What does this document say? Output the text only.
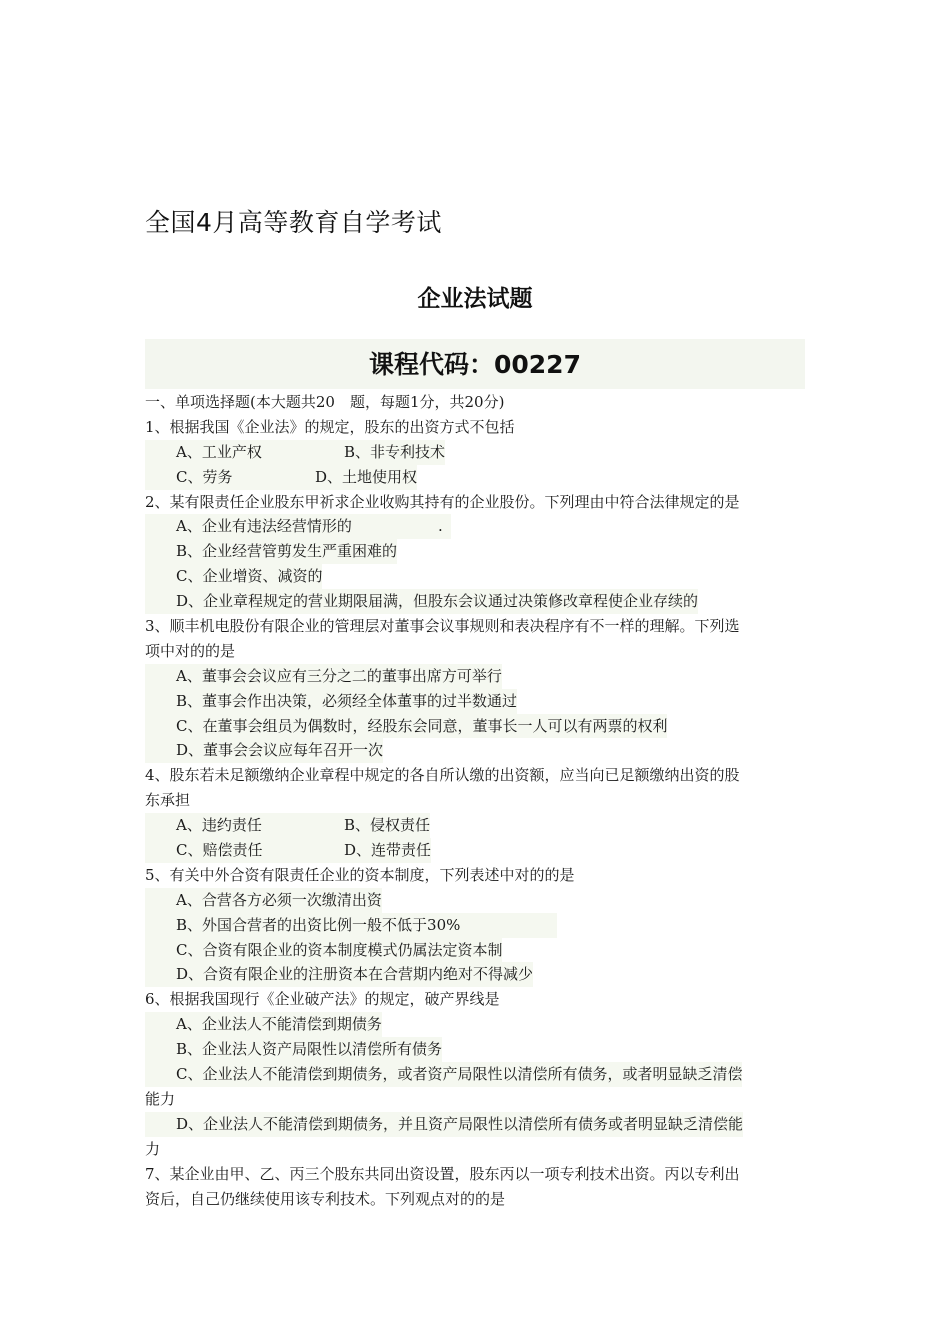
全国4月高等教育自学考试
企业法试题
课程代码：00227
一、单项选择题(本大题共20　题，每题1分，共20分)
1、根据我国《企业法》的规定，股东的出资方式不包括
A、工业产权	B、非专利技术
C、劳务	D、土地使用权
2、某有限责任企业股东甲祈求企业收购其持有的企业股份。下列理由中符合法律规定的是
A、企业有违法经营情形的	.
B、企业经营管剪发生严重困难的
C、企业增资、减资的
D、企业章程规定的营业期限届满，但股东会议通过决策修改章程使企业存续的
3、顺丰机电股份有限企业的管理层对董事会议事规则和表决程序有不一样的理解。下列选
项中对的的是
A、董事会会议应有三分之二的董事出席方可举行
B、董事会作出决策，必须经全体董事的过半数通过
C、在董事会组员为偶数时，经股东会同意，董事长一人可以有两票的权利
D、董事会会议应每年召开一次
4、股东若未足额缴纳企业章程中规定的各自所认缴的出资额，应当向已足额缴纳出资的股
东承担
A、违约责任	B、侵权责任
C、赔偿责任	D、连带责任
5、有关中外合资有限责任企业的资本制度，下列表述中对的的是
A、合营各方必须一次缴清出资
B、外国合营者的出资比例一般不低于30%
C、合资有限企业的资本制度模式仍属法定资本制
D、合资有限企业的注册资本在合营期内绝对不得减少
6、根据我国现行《企业破产法》的规定，破产界线是
A、企业法人不能清偿到期债务
B、企业法人资产局限性以清偿所有债务
C、企业法人不能清偿到期债务，或者资产局限性以清偿所有债务，或者明显缺乏清偿
能力
D、企业法人不能清偿到期债务，并且资产局限性以清偿所有债务或者明显缺乏清偿能
力
7、某企业由甲、乙、丙三个股东共同出资设置，股东丙以一项专利技术出资。丙以专利出
资后，自己仍继续使用该专利技术。下列观点对的的是
